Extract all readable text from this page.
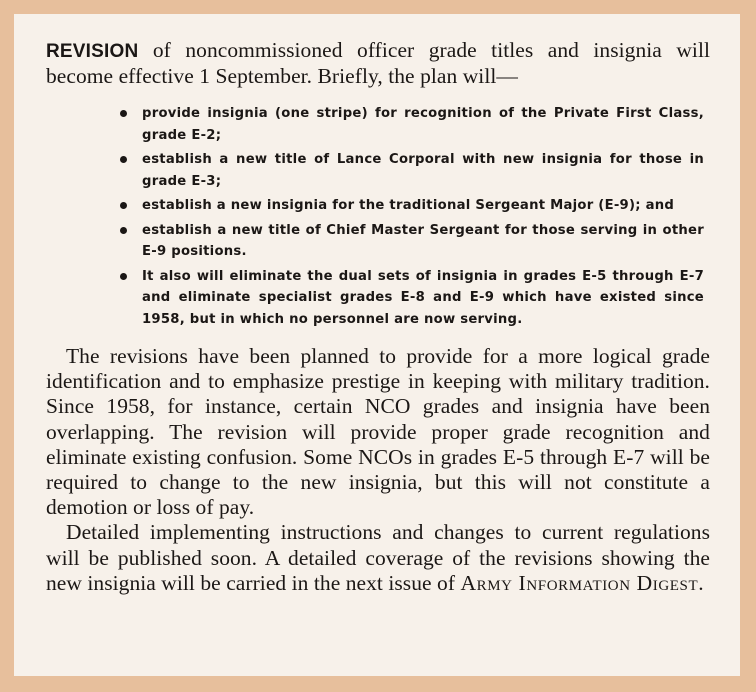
REVISION of noncommissioned officer grade titles and insignia will become effective 1 September. Briefly, the plan will—

provide insignia (one stripe) for recognition of the Private First Class, grade E-2;
establish a new title of Lance Corporal with new insignia for those in grade E-3;
establish a new insignia for the traditional Sergeant Major (E-9); and
establish a new title of Chief Master Sergeant for those serving in other E-9 positions.
It also will eliminate the dual sets of insignia in grades E-5 through E-7 and eliminate specialist grades E-8 and E-9 which have existed since 1958, but in which no personnel are now serving.

The revisions have been planned to provide for a more logical grade identification and to emphasize prestige in keeping with military tradition. Since 1958, for instance, certain NCO grades and insignia have been overlapping. The revision will provide proper grade recognition and eliminate existing confusion. Some NCOs in grades E-5 through E-7 will be required to change to the new insignia, but this will not constitute a demotion or loss of pay.

Detailed implementing instructions and changes to current regulations will be published soon. A detailed coverage of the revisions showing the new insignia will be carried in the next issue of Army Information Digest.
